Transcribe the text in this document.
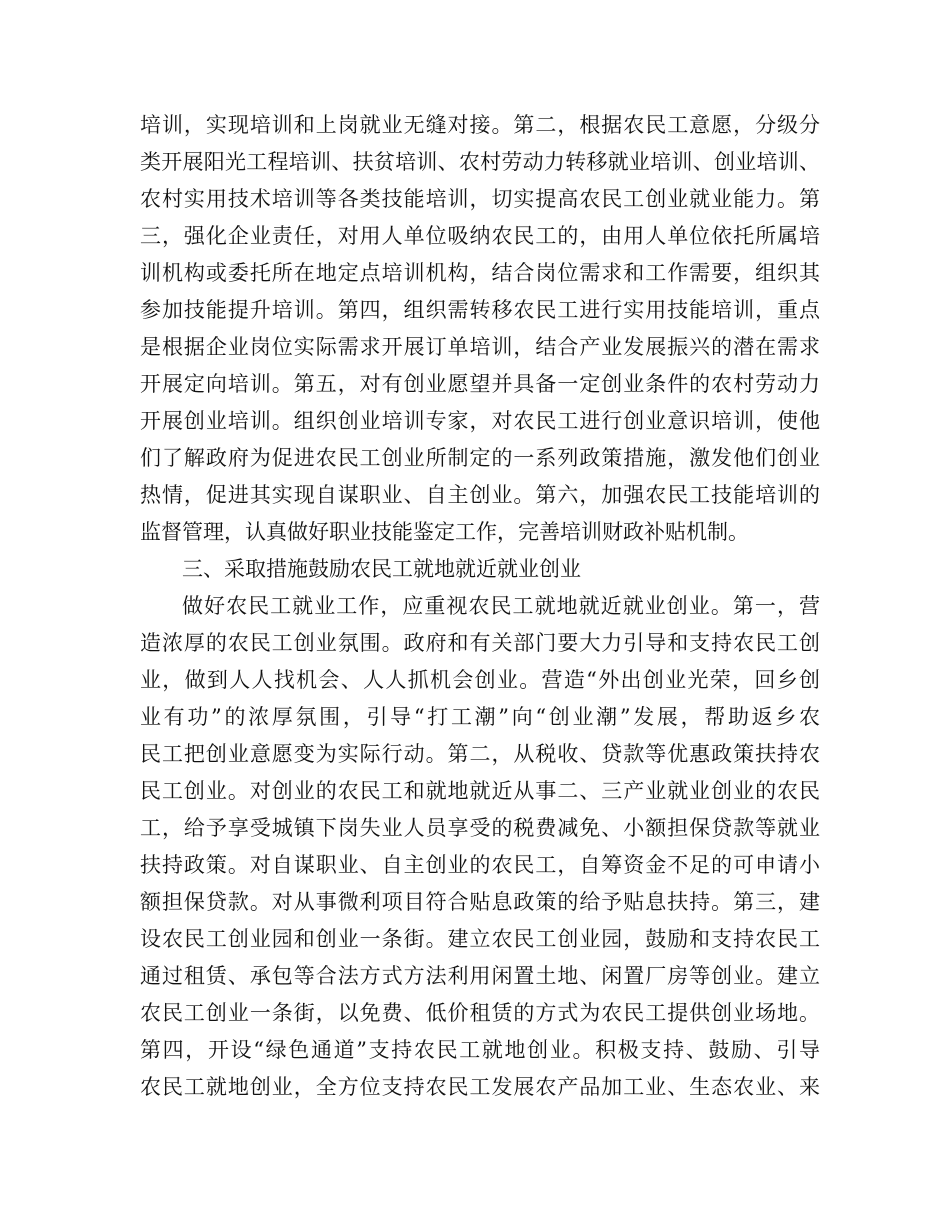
培训，实现培训和上岗就业无缝对接。第二，根据农民工意愿，分级分
类开展阳光工程培训、扶贫培训、农村劳动力转移就业培训、创业培训、
农村实用技术培训等各类技能培训，切实提高农民工创业就业能力。第
三，强化企业责任，对用人单位吸纳农民工的，由用人单位依托所属培
训机构或委托所在地定点培训机构，结合岗位需求和工作需要，组织其
参加技能提升培训。第四，组织需转移农民工进行实用技能培训，重点
是根据企业岗位实际需求开展订单培训，结合产业发展振兴的潜在需求
开展定向培训。第五，对有创业愿望并具备一定创业条件的农村劳动力
开展创业培训。组织创业培训专家，对农民工进行创业意识培训，使他
们了解政府为促进农民工创业所制定的一系列政策措施，激发他们创业
热情，促进其实现自谋职业、自主创业。第六，加强农民工技能培训的
监督管理，认真做好职业技能鉴定工作，完善培训财政补贴机制。
三、采取措施鼓励农民工就地就近就业创业
做好农民工就业工作，应重视农民工就地就近就业创业。第一，营
造浓厚的农民工创业氛围。政府和有关部门要大力引导和支持农民工创
业，做到人人找机会、人人抓机会创业。营造“外出创业光荣，回乡创
业有功”的浓厚氛围，引导“打工潮”向“创业潮”发展，帮助返乡农
民工把创业意愿变为实际行动。第二，从税收、贷款等优惠政策扶持农
民工创业。对创业的农民工和就地就近从事二、三产业就业创业的农民
工，给予享受城镇下岗失业人员享受的税费减免、小额担保贷款等就业
扶持政策。对自谋职业、自主创业的农民工，自筹资金不足的可申请小
额担保贷款。对从事微利项目符合贴息政策的给予贴息扶持。第三，建
设农民工创业园和创业一条街。建立农民工创业园，鼓励和支持农民工
通过租赁、承包等合法方式方法利用闲置土地、闲置厂房等创业。建立
农民工创业一条街，以免费、低价租赁的方式为农民工提供创业场地。
第四，开设“绿色通道”支持农民工就地创业。积极支持、鼓励、引导
农民工就地创业，全方位支持农民工发展农产品加工业、生态农业、来
